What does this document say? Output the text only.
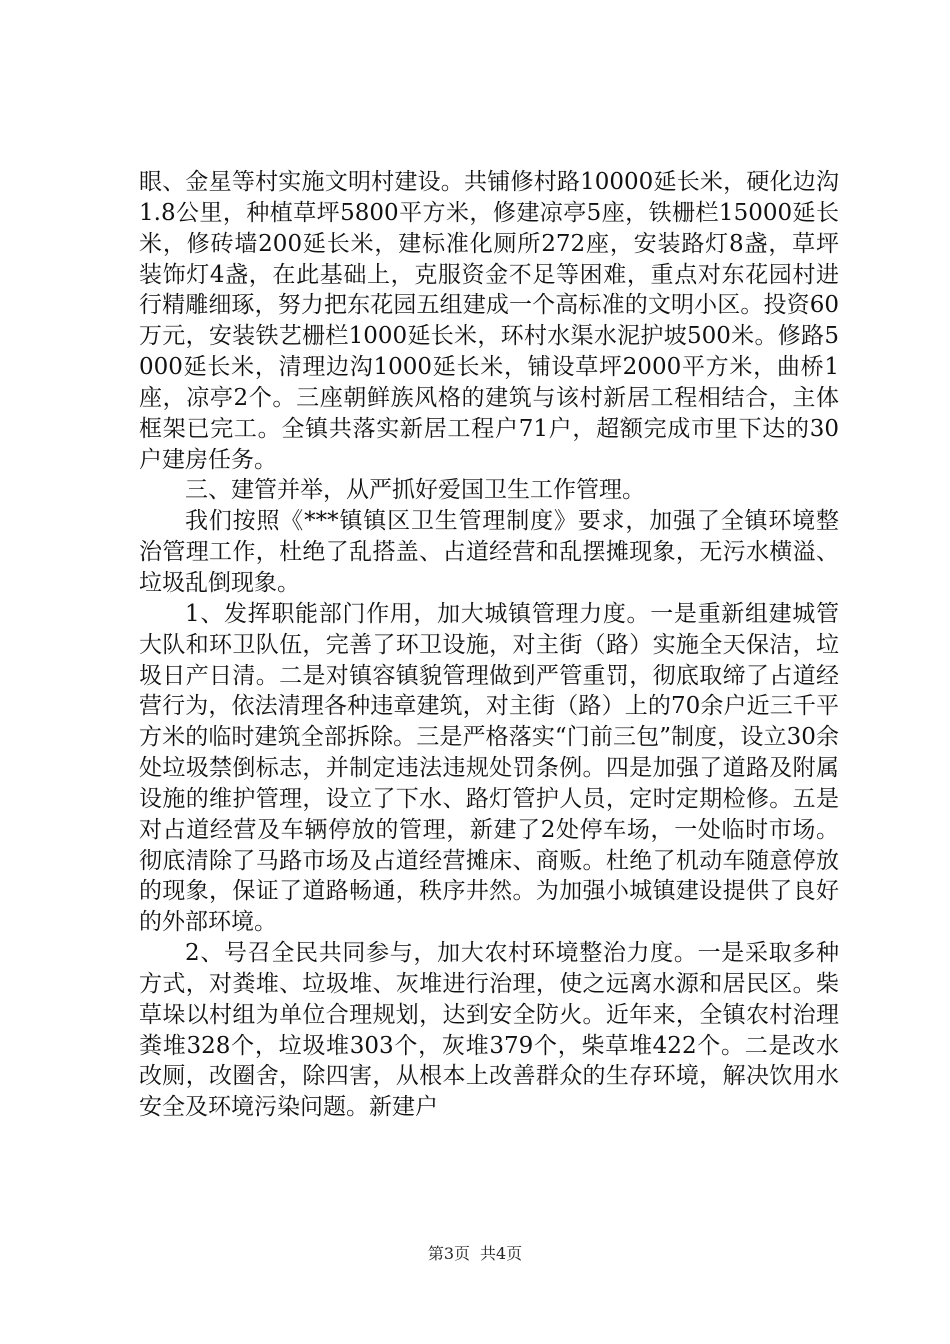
眼、金星等村实施文明村建设。共铺修村路10000延长米，硬化边沟1.8公里，种植草坪5800平方米，修建凉亭5座，铁栅栏15000延长米，修砖墙200延长米，建标准化厕所272座，安装路灯8盏，草坪装饰灯4盏，在此基础上，克服资金不足等困难，重点对东花园村进行精雕细琢，努力把东花园五组建成一个高标准的文明小区。投资60万元，安装铁艺栅栏1000延长米，环村水渠水泥护坡500米。修路5000延长米，清理边沟1000延长米，铺设草坪2000平方米，曲桥1座，凉亭2个。三座朝鲜族风格的建筑与该村新居工程相结合，主体框架已完工。全镇共落实新居工程户71户，超额完成市里下达的30户建房任务。

三、建管并举，从严抓好爱国卫生工作管理。

我们按照《***镇镇区卫生管理制度》要求，加强了全镇环境整治管理工作，杜绝了乱搭盖、占道经营和乱摆摊现象，无污水横溢、垃圾乱倒现象。

1、发挥职能部门作用，加大城镇管理力度。一是重新组建城管大队和环卫队伍，完善了环卫设施，对主街（路）实施全天保洁，垃圾日产日清。二是对镇容镇貌管理做到严管重罚，彻底取缔了占道经营行为，依法清理各种违章建筑，对主街（路）上的70余户近三千平方米的临时建筑全部拆除。三是严格落实“门前三包”制度，设立30余处垃圾禁倒标志，并制定违法违规处罚条例。四是加强了道路及附属设施的维护管理，设立了下水、路灯管护人员，定时定期检修。五是对占道经营及车辆停放的管理，新建了2处停车场，一处临时市场。彻底清除了马路市场及占道经营摊床、商贩。杜绝了机动车随意停放的现象，保证了道路畅通，秩序井然。为加强小城镇建设提供了良好的外部环境。

2、号召全民共同参与，加大农村环境整治力度。一是采取多种方式，对粪堆、垃圾堆、灰堆进行治理，使之远离水源和居民区。柴草垛以村组为单位合理规划，达到安全防火。近年来，全镇农村治理粪堆328个，垃圾堆303个，灰堆379个，柴草堆422个。二是改水改厕，改圈舍，除四害，从根本上改善群众的生存环境，解决饮用水安全及环境污染问题。新建户

第3页 共4页
